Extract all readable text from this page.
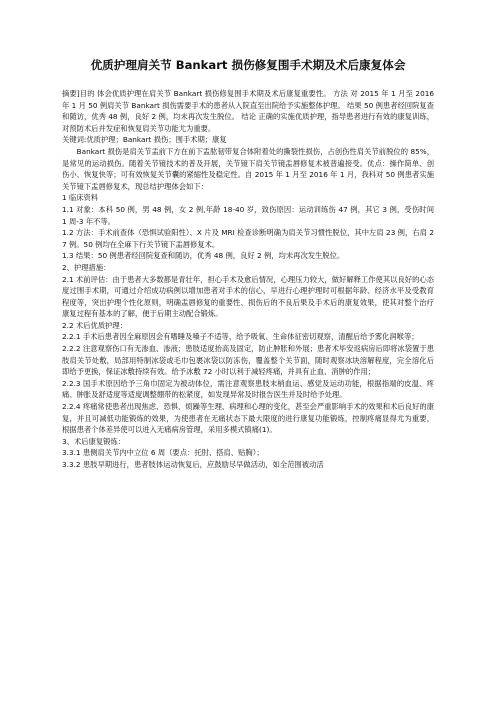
优质护理肩关节 Bankart 损伤修复围手术期及术后康复体会

摘要]目的 体会优质护理在肩关节 Bankart 损伤修复围手术期及术后康复重要性。 方法 对 2015 年 1 月至 2016 年 1 月 50 例肩关节 Bankart 损伤需要手术的患者从入院直至出院给予实施整体护理。 结果 50 例患者经回院复查和随访，优秀 48 例，良好 2 例，均未再次发生脱位。 结论 正确的实施优质护理，指导患者进行有效的康复训练，对预防术后并发症和恢复肩关节功能尤为重要。

关键词:优质护理；Bankart 损伤；围手术期；康复

Bankart 损伤是肩关节盂前下方在前下盂肱韧带复合体附着处的撕裂性损伤，占创伤性肩关节前脱位的 85%，是常见的运动损伤。随着关节镜技术的普及开展，关节镜下肩关节镜盂唇修复术被普遍接受。优点：操作简单、创伤小、恢复快等；可有效恢复关节囊的紧缩性及稳定性。自 2015 年 1 月至 2016 年 1 月，我科对 50 例患者实施关节镜下盂唇修复术，现总结护理体会如下：

1 临床资料

1.1 对象：本科 50 例，男 48 例，女 2 例,年龄 18-40 岁，致伤原因：运动训练伤 47 例，其它 3 例，受伤时间 1 周-3 年不等。

1.2 方法：手术前查体（恐惧试验阳性）、X 片及 MRI 检查诊断明确为肩关节习惯性脱位，其中左肩 23 例，右肩 27 例。50 例均在全麻下行关节镜下盂唇修复术。

1.3 结果：50 例患者经回院复查和随访，优秀 48 例，良好 2 例，均未再次发生脱位。

2、护理措施：

2.1 术前评估：由于患者大多数都是青壮年，担心手术及愈后情况，心理压力较大，做好解释工作使其以良好的心态度过围手术期，可通过介绍成功病例以增加患者对手术的信心，早进行心理护理时可根据年龄、经济水平及受教育程度等，突出护理个性化原则，明确盂唇修复的重要性、损伤后的不良后果及手术后的康复效果，使其对整个治疗康复过程有基本的了解，便于后期主动配合锻炼。

2.2 术后优质护理：

2.2.1 手术后患者因全麻原因会有嗜睡及嗓子不适等，给予吸氧、生命体征密切观察，清醒后给予雾化润喉等；

2.2.2 注意观察伤口有无渗血、渗液；患肢适度抬高及固定，防止肿胀和外展；患者术毕安返病房后即将冰袋置于患肢肩关节处敷，局部用特制冰袋或毛巾包裹冰袋以防冻伤，覆盖整个关节面，随时观察冰块溶解程度，完全溶化后即给予更换，保证冰敷持续有效。给予冰敷 72 小时以利于减轻疼痛，并具有止血、消肿的作用；

2.2.3 国手术原因给予三角巾固定为被动体位，需注意观察患肢末梢血运、感觉及运动功能，根据指端的皮温、疼痛、肿胀及舒适度等适度调整绷带的松紧度，如发现异常及时报告医生并及时给予处理。

2.2.4 疼痛常使患者出现焦虑、恐惧、烦躁等生理、病理和心理的变化，甚至会严重影响手术的效果和术后良好的康复，并且可减低功能锻炼的效果，为使患者在无痛状态下最大限度的进行康复功能锻炼，控制疼痛显得尤为重要，根据患者个体差异使可以进入无痛病房管理，采用多模式镇痛(1)。

3、术后康复锻炼：

3.3.1 患侧肩关节内中立位 6 周（要点：托肘、搭肩、贴胸）；

3.3.2 患肢早期进行，患者肢体运动恢复后，应鼓励尽早做活动，如全范围被动活
